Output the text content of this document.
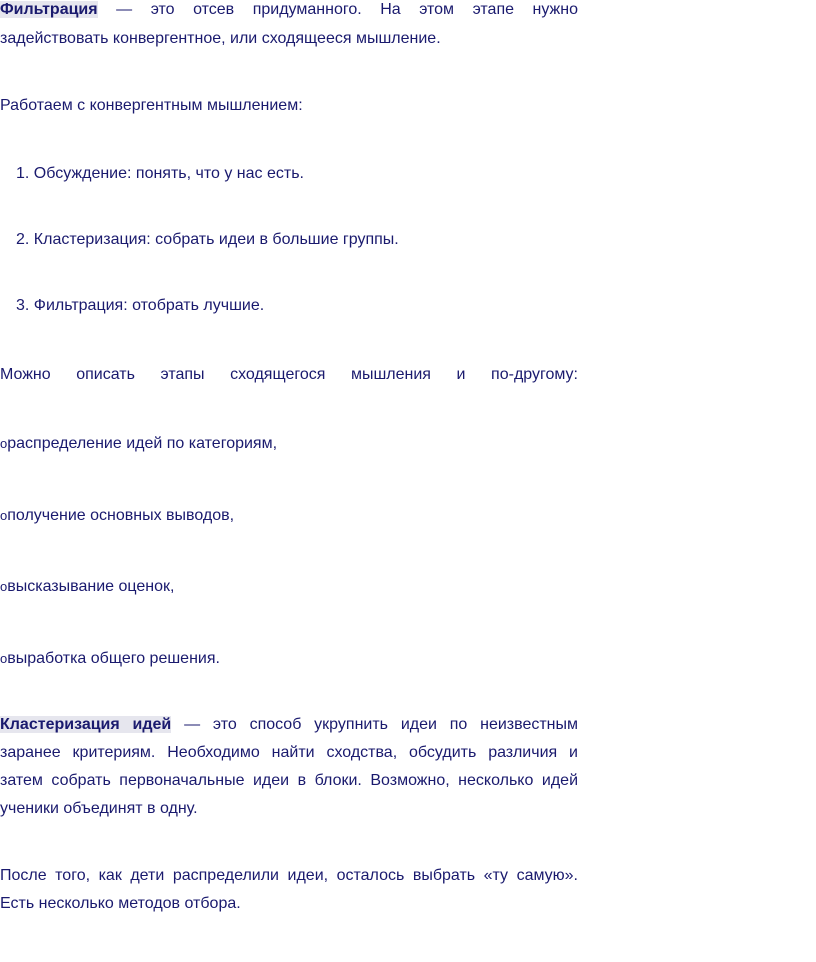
Фильтрация — это отсев придуманного. На этом этапе нужно
задействовать конвергентное, или сходящееся мышление.
Работаем с конвергентным мышлением:
1. Обсуждение: понять, что у нас есть.
2. Кластеризация: собрать идеи в большие группы.
3. Фильтрация: отобрать лучшие.
Можно описать этапы сходящегося мышления и по-другому:
oраспределение идей по категориям,
oполучение основных выводов,
oвысказывание оценок,
oвыработка общего решения.
Кластеризация идей — это способ укрупнить идеи по неизвестным
заранее критериям. Необходимо найти сходства, обсудить различия и
затем собрать первоначальные идеи в блоки. Возможно, несколько идей
ученики объединят в одну.
После того, как дети распределили идеи, осталось выбрать «ту самую».
Есть несколько методов отбора.
